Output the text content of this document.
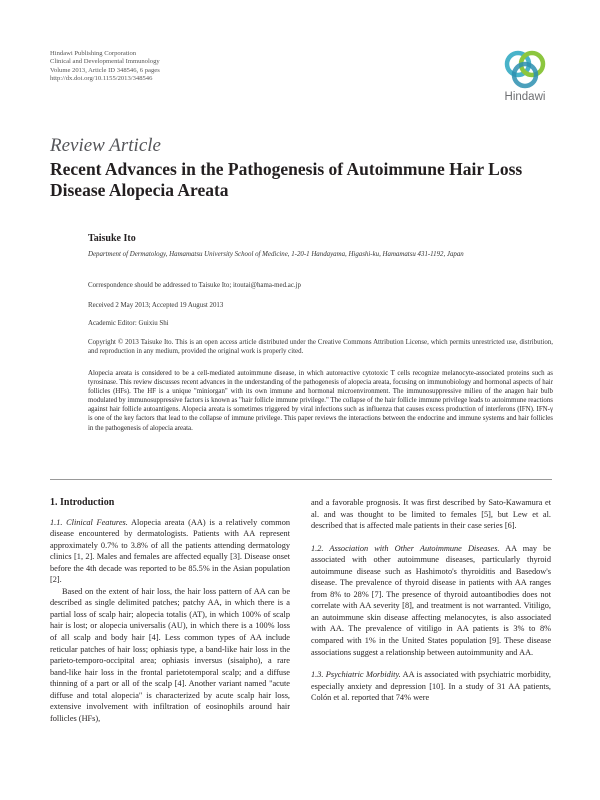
Hindawi Publishing Corporation
Clinical and Developmental Immunology
Volume 2013, Article ID 348546, 6 pages
http://dx.doi.org/10.1155/2013/348546
Hindawi
Review Article
Recent Advances in the Pathogenesis of Autoimmune Hair Loss Disease Alopecia Areata
Taisuke Ito

Department of Dermatology, Hamamatsu University School of Medicine, 1-20-1 Handayama, Higashi-ku, Hamamatsu 431-1192, Japan

Correspondence should be addressed to Taisuke Ito; itoutai@hama-med.ac.jp

Received 2 May 2013; Accepted 19 August 2013

Academic Editor: Guixiu Shi

Copyright © 2013 Taisuke Ito. This is an open access article distributed under the Creative Commons Attribution License, which permits unrestricted use, distribution, and reproduction in any medium, provided the original work is properly cited.

Alopecia areata is considered to be a cell-mediated autoimmune disease, in which autoreactive cytotoxic T cells recognize melanocyte-associated proteins such as tyrosinase. This review discusses recent advances in the understanding of the pathogenesis of alopecia areata, focusing on immunobiology and hormonal aspects of hair follicles (HFs). The HF is a unique "miniorgan" with its own immune and hormonal microenvironment. The immunosuppressive milieu of the anagen hair bulb modulated by immunosuppressive factors is known as "hair follicle immune privilege." The collapse of the hair follicle immune privilege leads to autoimmune reactions against hair follicle autoantigens. Alopecia areata is sometimes triggered by viral infections such as influenza that causes excess production of interferons (IFN). IFN-γ is one of the key factors that lead to the collapse of immune privilege. This paper reviews the interactions between the endocrine and immune systems and hair follicles in the pathogenesis of alopecia areata.

1. Introduction

1.1. Clinical Features. Alopecia areata (AA) is a relatively common disease encountered by dermatologists. Patients with AA represent approximately 0.7% to 3.8% of all the patients attending dermatology clinics [1, 2]. Males and females are affected equally [3]. Disease onset before the 4th decade was reported to be 85.5% in the Asian population [2].

Based on the extent of hair loss, the hair loss pattern of AA can be described as single delimited patches; patchy AA, in which there is a partial loss of scalp hair; alopecia totalis (AT), in which 100% of scalp hair is lost; or alopecia universalis (AU), in which there is a 100% loss of all scalp and body hair [4]. Less common types of AA include reticular patches of hair loss; ophiasis type, a band-like hair loss in the parieto-temporo-occipital area; ophiasis inversus (sisaipho), a rare band-like hair loss in the frontal parietotemporal scalp; and a diffuse thinning of a part or all of the scalp [4]. Another variant named "acute diffuse and total alopecia" is characterized by acute scalp hair loss, extensive involvement with infiltration of eosinophils around hair follicles (HFs),

and a favorable prognosis. It was first described by Sato-Kawamura et al. and was thought to be limited to females [5], but Lew et al. described that is affected male patients in their case series [6].

1.2. Association with Other Autoimmune Diseases. AA may be associated with other autoimmune diseases, particularly thyroid autoimmune disease such as Hashimoto's thyroiditis and Basedow's disease. The prevalence of thyroid disease in patients with AA ranges from 8% to 28% [7]. The presence of thyroid autoantibodies does not correlate with AA severity [8], and treatment is not warranted. Vitiligo, an autoimmune skin disease affecting melanocytes, is also associated with AA. The prevalence of vitiligo in AA patients is 3% to 8% compared with 1% in the United States population [9]. These disease associations suggest a relationship between autoimmunity and AA.

1.3. Psychiatric Morbidity. AA is associated with psychiatric morbidity, especially anxiety and depression [10]. In a study of 31 AA patients, Colón et al. reported that 74% were
